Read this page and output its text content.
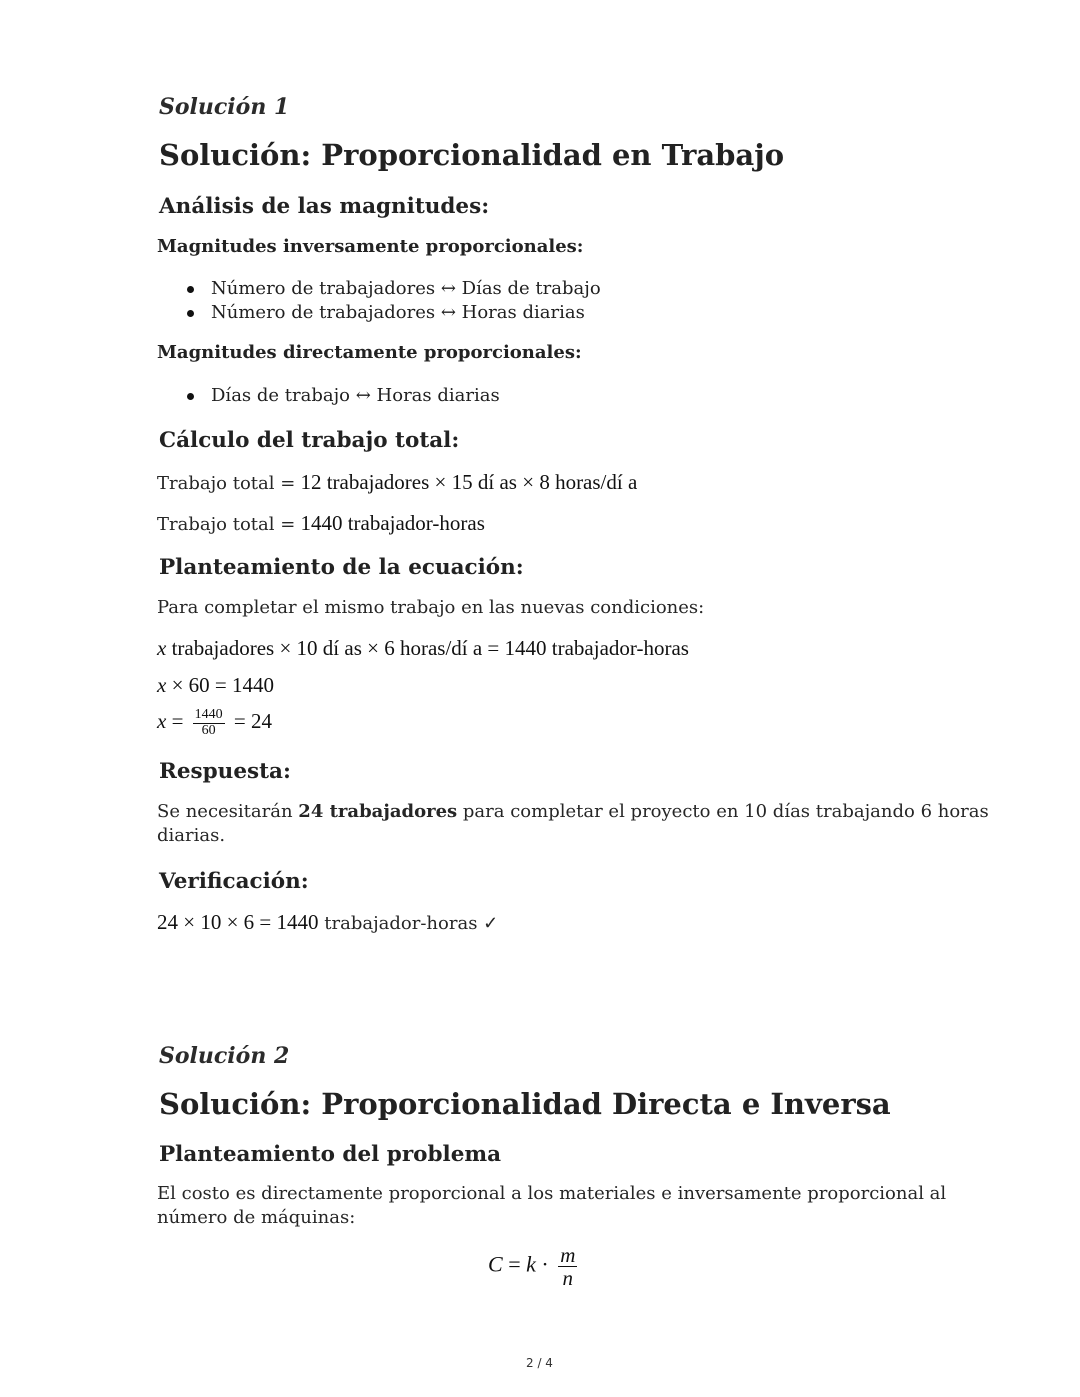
Solución 1
Solución: Proporcionalidad en Trabajo
Análisis de las magnitudes:
Magnitudes inversamente proporcionales:
Número de trabajadores ↔ Días de trabajo
Número de trabajadores ↔ Horas diarias
Magnitudes directamente proporcionales:
Días de trabajo ↔ Horas diarias
Cálculo del trabajo total:
Trabajo total = 12 trabajadores × 15 dí as × 8 horas/dí a
Trabajo total = 1440 trabajador-horas
Planteamiento de la ecuación:
Para completar el mismo trabajo en las nuevas condiciones:
x trabajadores × 10 dí as × 6 horas/dí a = 1440 trabajador-horas
x × 60 = 1440
$x = \frac{1440}{60} = 24$
Respuesta:
Se necesitarán 24 trabajadores para completar el proyecto en 10 días trabajando 6 horas
diarias.
Verificación:
24 × 10 × 6 = 1440 trabajador-horas ✓
Solución 2
Solución: Proporcionalidad Directa e Inversa
Planteamiento del problema
El costo es directamente proporcional a los materiales e inversamente proporcional al
número de máquinas:
$C = k \cdot \frac{m}{n}$
2 / 4
